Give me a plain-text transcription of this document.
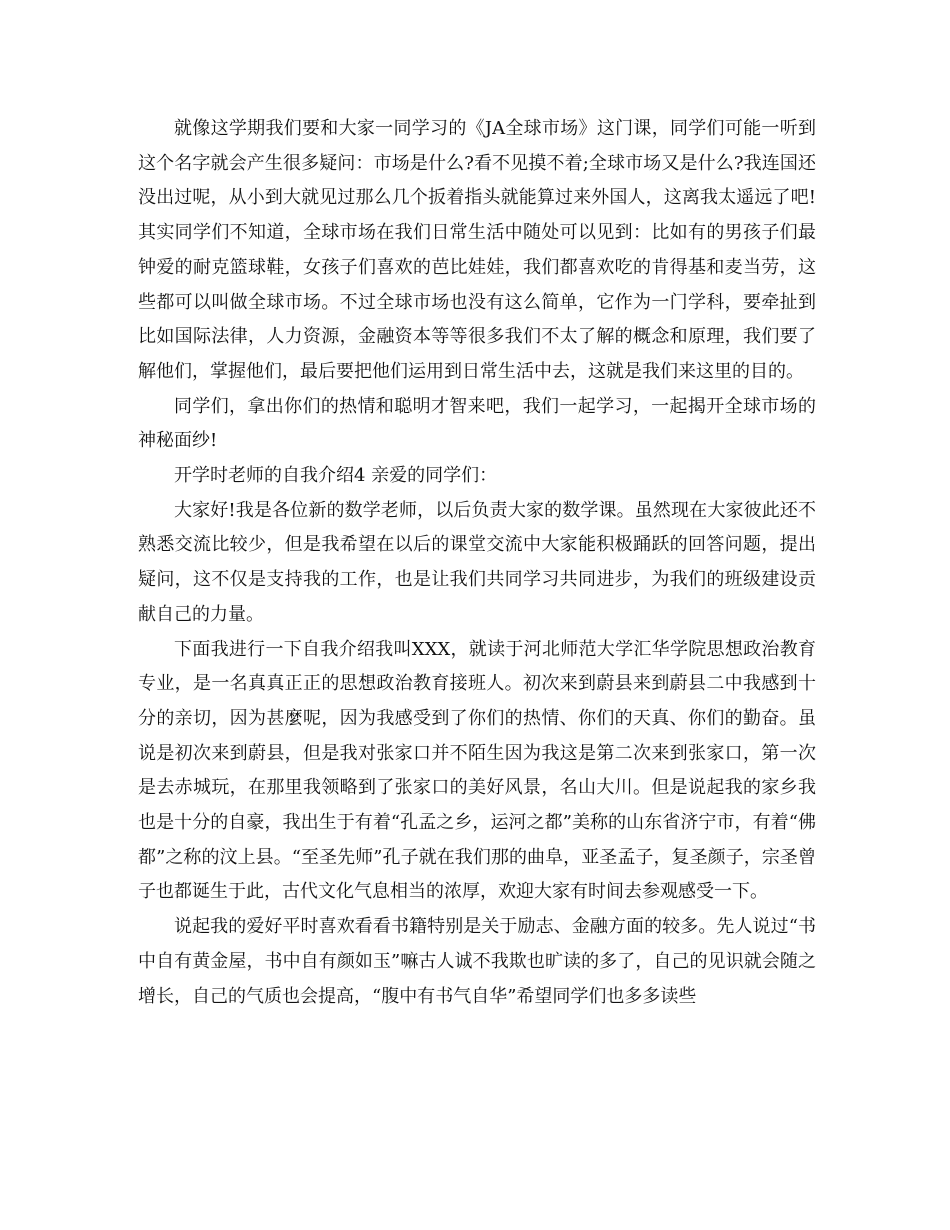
就像这学期我们要和大家一同学习的《JA全球市场》这门课，同学们可能一听到这个名字就会产生很多疑问：市场是什么?看不见摸不着;全球市场又是什么?我连国还没出过呢，从小到大就见过那么几个扳着指头就能算过来外国人，这离我太遥远了吧!其实同学们不知道，全球市场在我们日常生活中随处可以见到：比如有的男孩子们最钟爱的耐克篮球鞋，女孩子们喜欢的芭比娃娃，我们都喜欢吃的肯得基和麦当劳，这些都可以叫做全球市场。不过全球市场也没有这么简单，它作为一门学科，要牵扯到比如国际法律，人力资源，金融资本等等很多我们不太了解的概念和原理，我们要了解他们，掌握他们，最后要把他们运用到日常生活中去，这就是我们来这里的目的。

同学们，拿出你们的热情和聪明才智来吧，我们一起学习，一起揭开全球市场的神秘面纱!

开学时老师的自我介绍4 亲爱的同学们：

大家好!我是各位新的数学老师，以后负责大家的数学课。虽然现在大家彼此还不熟悉交流比较少，但是我希望在以后的课堂交流中大家能积极踊跃的回答问题，提出疑问，这不仅是支持我的工作，也是让我们共同学习共同进步，为我们的班级建设贡献自己的力量。

下面我进行一下自我介绍我叫XXX，就读于河北师范大学汇华学院思想政治教育专业，是一名真真正正的思想政治教育接班人。初次来到蔚县来到蔚县二中我感到十分的亲切，因为甚麼呢，因为我感受到了你们的热情、你们的天真、你们的勤奋。虽说是初次来到蔚县，但是我对张家口并不陌生因为我这是第二次来到张家口，第一次是去赤城玩，在那里我领略到了张家口的美好风景，名山大川。但是说起我的家乡我也是十分的自豪，我出生于有着“孔孟之乡，运河之都”美称的山东省济宁市，有着“佛都”之称的汶上县。“至圣先师”孔子就在我们那的曲阜，亚圣孟子，复圣颜子，宗圣曾子也都诞生于此，古代文化气息相当的浓厚，欢迎大家有时间去参观感受一下。

说起我的爱好平时喜欢看看书籍特别是关于励志、金融方面的较多。先人说过“书中自有黄金屋，书中自有颜如玉”嘛古人诚不我欺也旷读的多了，自己的见识就会随之增长，自己的气质也会提高，“腹中有书气自华”希望同学们也多多读些
